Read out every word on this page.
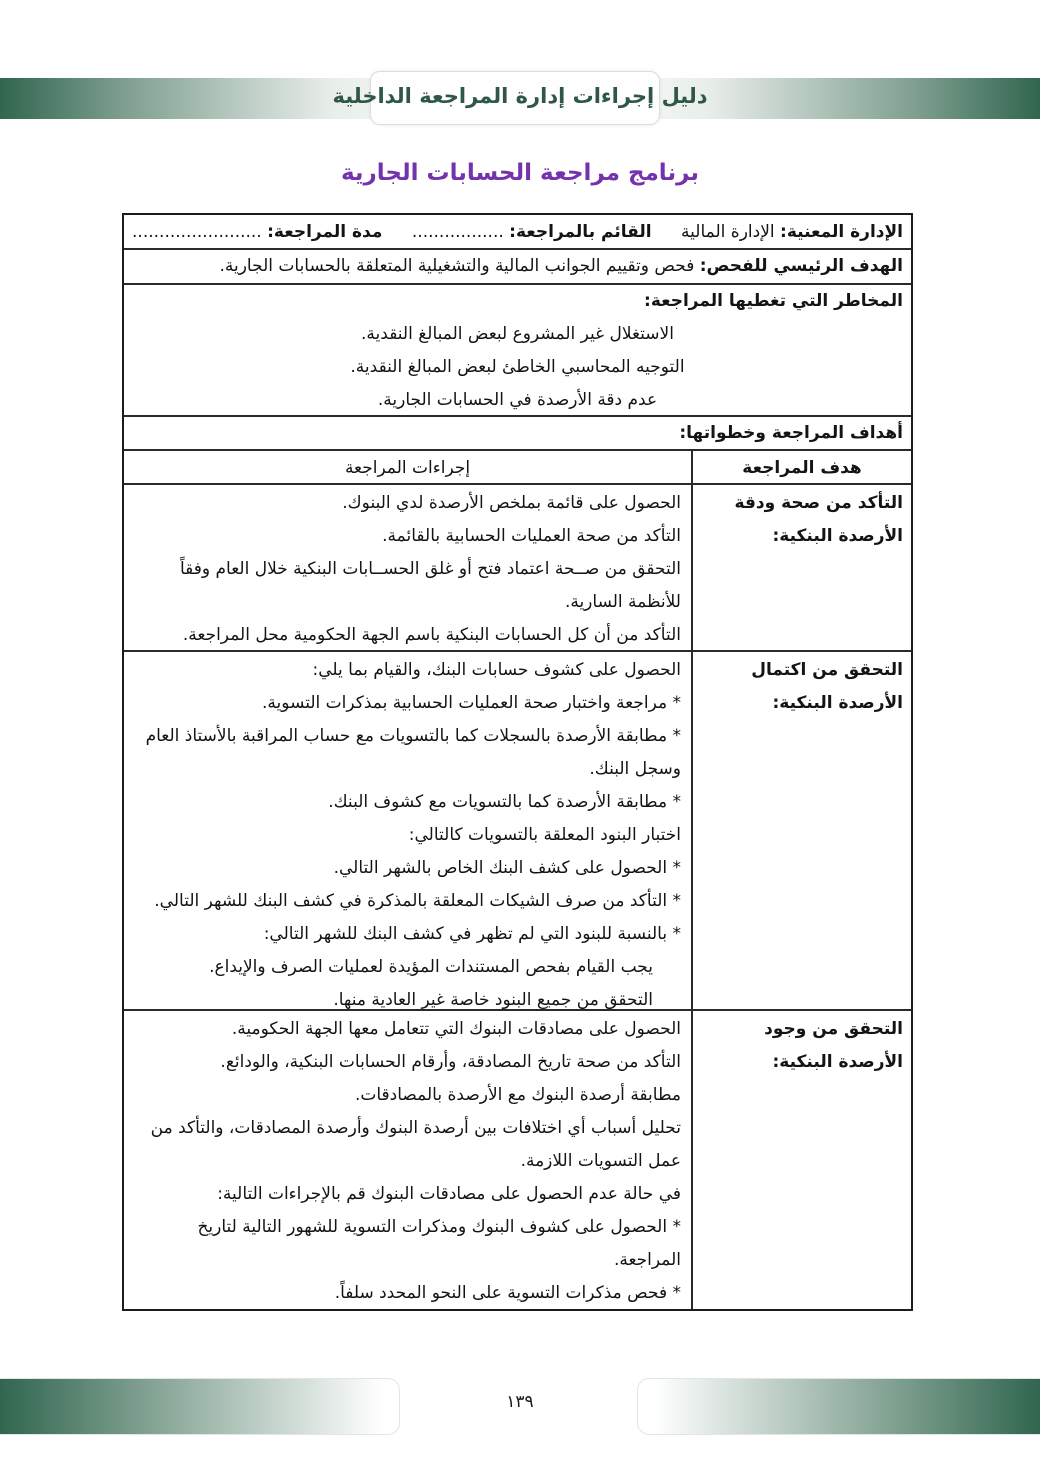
دليل إجراءات إدارة المراجعة الداخلية
برنامج مراجعة الحسابات الجارية
الإدارة المعنية: الإدارة المالية
القائم بالمراجعة: .................
مدة المراجعة: ........................
الهدف الرئيسي للفحص: فحص وتقييم الجوانب المالية والتشغيلية المتعلقة بالحسابات الجارية.
المخاطر التي تغطيها المراجعة:
الاستغلال غير المشروع لبعض المبالغ النقدية.
التوجيه المحاسبي الخاطئ لبعض المبالغ النقدية.
عدم دقة الأرصدة في الحسابات الجارية.
أهداف المراجعة وخطواتها:
هدف المراجعة
إجراءات المراجعة
التأكد من صحة ودقة الأرصدة البنكية:

الحصول على قائمة بملخص الأرصدة لدي البنوك.

التأكد من صحة العمليات الحسابية بالقائمة.

التحقق من صــحة اعتماد فتح أو غلق الحســابات البنكية خلال العام وفقاً للأنظمة السارية.

التأكد من أن كل الحسابات البنكية باسم الجهة الحكومية محل المراجعة.

التحقق من اكتمال الأرصدة البنكية:

الحصول على كشوف حسابات البنك، والقيام بما يلي:

* مراجعة واختبار صحة العمليات الحسابية بمذكرات التسوية.

* مطابقة الأرصدة بالسجلات كما بالتسويات مع حساب المراقبة بالأستاذ العام وسجل البنك.

* مطابقة الأرصدة كما بالتسويات مع كشوف البنك.

اختبار البنود المعلقة بالتسويات كالتالي:

* الحصول على كشف البنك الخاص بالشهر التالي.

* التأكد من صرف الشيكات المعلقة بالمذكرة في كشف البنك للشهر التالي.

* بالنسبة للبنود التي لم تظهر في كشف البنك للشهر التالي:

يجب القيام بفحص المستندات المؤيدة لعمليات الصرف والإيداع.

التحقق من جميع البنود خاصة غير العادية منها.

التحقق من وجود الأرصدة البنكية:

الحصول على مصادقات البنوك التي تتعامل معها الجهة الحكومية.

التأكد من صحة تاريخ المصادقة، وأرقام الحسابات البنكية، والودائع.

مطابقة أرصدة البنوك مع الأرصدة بالمصادقات.

تحليل أسباب أي اختلافات بين أرصدة البنوك وأرصدة المصادقات، والتأكد من عمل التسويات اللازمة.

في حالة عدم الحصول على مصادقات البنوك قم بالإجراءات التالية:

* الحصول على كشوف البنوك ومذكرات التسوية للشهور التالية لتاريخ المراجعة.

* فحص مذكرات التسوية على النحو المحدد سلفاً.

١٣٩
